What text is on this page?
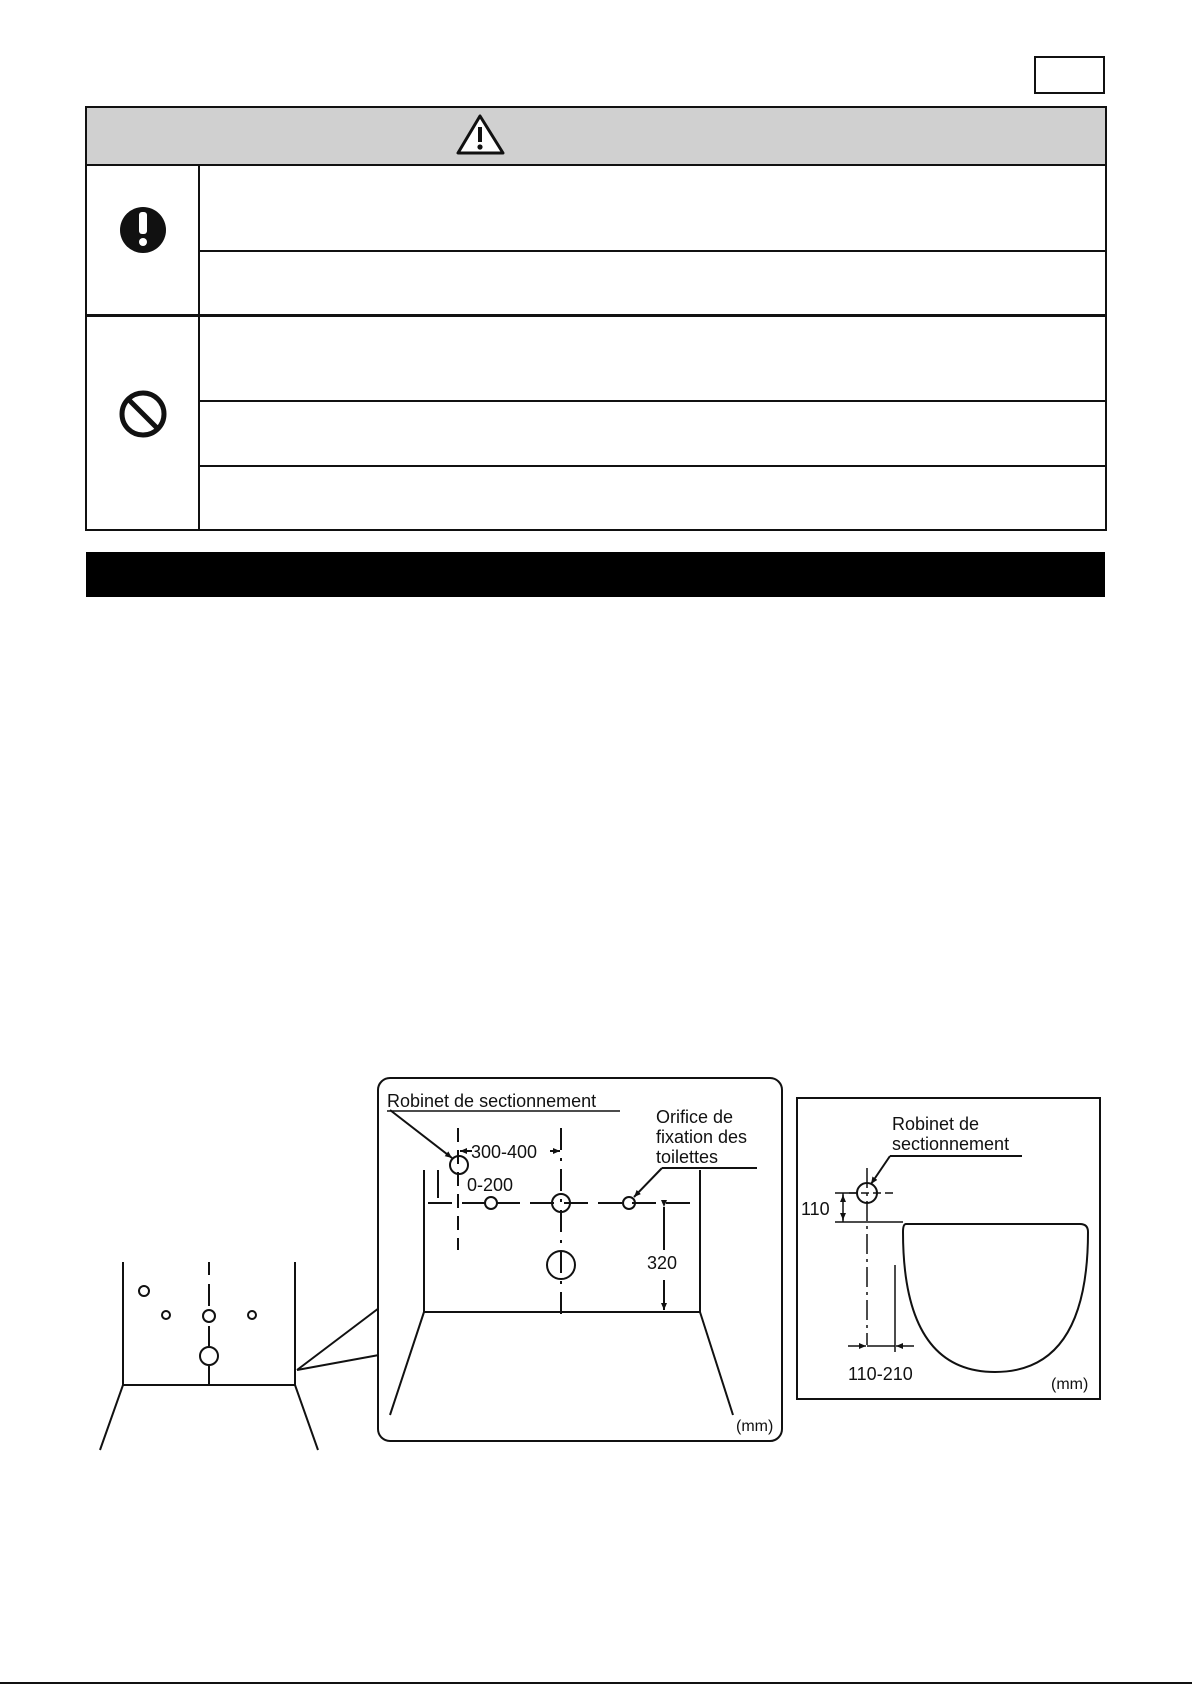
Robinet de sectionnement
Orifice de
fixation des
toilettes
300-400
0-200
320
(mm)
Robinet de
sectionnement
110
110-210
(mm)
